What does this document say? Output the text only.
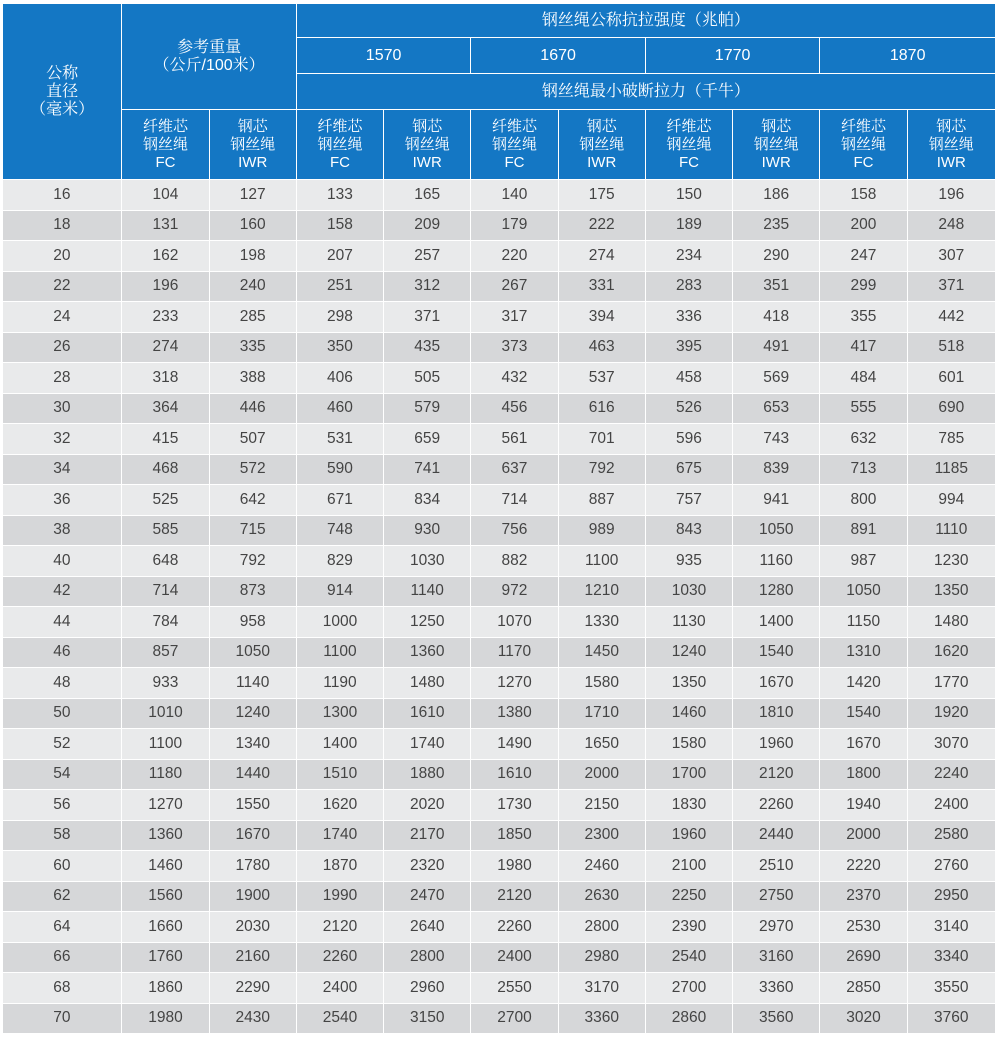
公称
直径
（毫米）	参考重量
（公斤/100米）		钢丝绳公称抗拉强度（兆帕）							
			1570		1670		1770		1870	
			钢丝绳最小破断拉力（千牛）							

	纤维芯
钢丝绳
FC	钢芯
钢丝绳
IWR	纤维芯
钢丝绳
FC	钢芯
钢丝绳
IWR	纤维芯
钢丝绳
FC	钢芯
钢丝绳
IWR	纤维芯
钢丝绳
FC	钢芯
钢丝绳
IWR	纤维芯
钢丝绳
FC	钢芯
钢丝绳
IWR

16	104	127	133	165	140	175	150	186	158	196
18	131	160	158	209	179	222	189	235	200	248
20	162	198	207	257	220	274	234	290	247	307
22	196	240	251	312	267	331	283	351	299	371
24	233	285	298	371	317	394	336	418	355	442
26	274	335	350	435	373	463	395	491	417	518
28	318	388	406	505	432	537	458	569	484	601
30	364	446	460	579	456	616	526	653	555	690
32	415	507	531	659	561	701	596	743	632	785
34	468	572	590	741	637	792	675	839	713	1185
36	525	642	671	834	714	887	757	941	800	994
38	585	715	748	930	756	989	843	1050	891	1110
40	648	792	829	1030	882	1100	935	1160	987	1230
42	714	873	914	1140	972	1210	1030	1280	1050	1350
44	784	958	1000	1250	1070	1330	1130	1400	1150	1480
46	857	1050	1100	1360	1170	1450	1240	1540	1310	1620
48	933	1140	1190	1480	1270	1580	1350	1670	1420	1770
50	1010	1240	1300	1610	1380	1710	1460	1810	1540	1920
52	1100	1340	1400	1740	1490	1650	1580	1960	1670	3070
54	1180	1440	1510	1880	1610	2000	1700	2120	1800	2240
56	1270	1550	1620	2020	1730	2150	1830	2260	1940	2400
58	1360	1670	1740	2170	1850	2300	1960	2440	2000	2580
60	1460	1780	1870	2320	1980	2460	2100	2510	2220	2760
62	1560	1900	1990	2470	2120	2630	2250	2750	2370	2950
64	1660	2030	2120	2640	2260	2800	2390	2970	2530	3140
66	1760	2160	2260	2800	2400	2980	2540	3160	2690	3340
68	1860	2290	2400	2960	2550	3170	2700	3360	2850	3550
70	1980	2430	2540	3150	2700	3360	2860	3560	3020	3760
